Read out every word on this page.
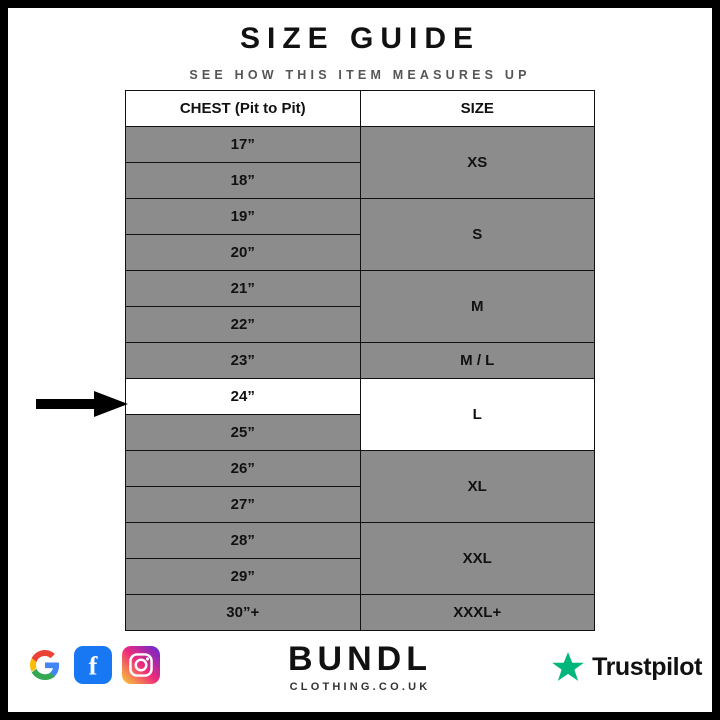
SIZE GUIDE
SEE HOW THIS ITEM MEASURES UP
CHEST (Pit to Pit)	SIZE
17”	XS
18”	
19”	S
20”	
21”	M
22”	
23”	M / L
24”	L
25”	
26”	XL
27”	
28”	XXL
29”	
30”+	XXXL+
f	BUNDL
CLOTHING.CO.UK
Trustpilot
